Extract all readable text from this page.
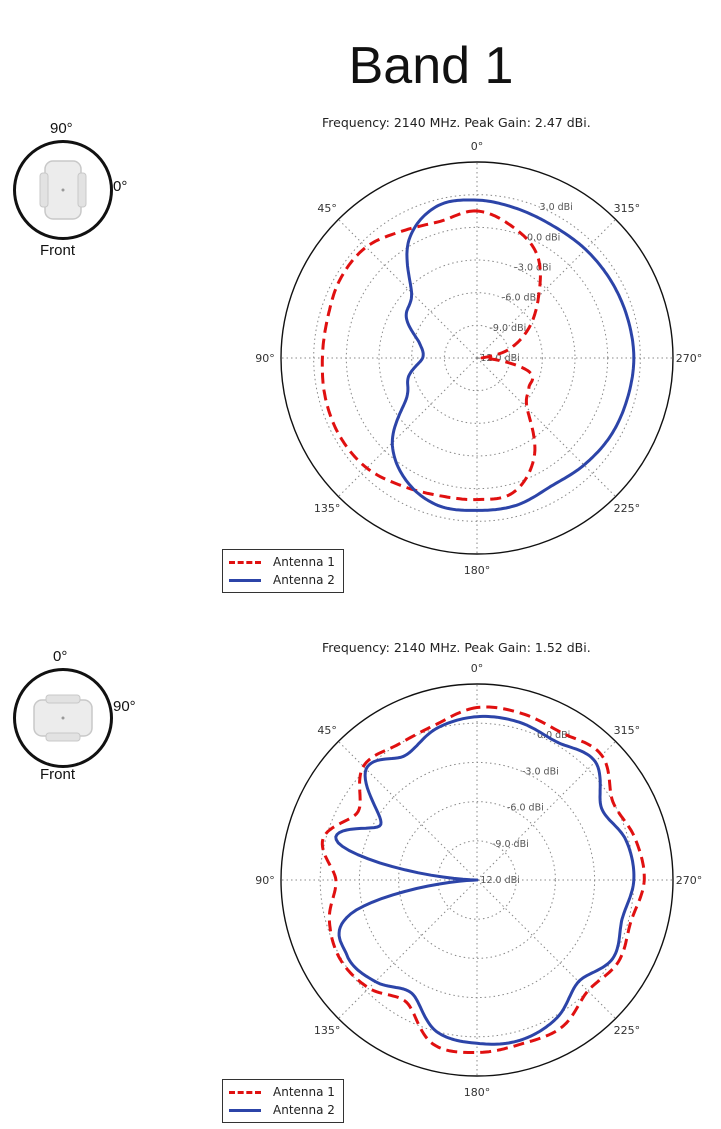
Band 1
90°
0°
Front
Frequency: 2140 MHz. Peak Gain: 2.47 dBi.
-12.0 dBi
-9.0 dBi
-6.0 dBi
-3.0 dBi
0.0 dBi
3.0 dBi
0°
45°
90°
135°
180°
225°
270°
315°
Antenna 1
Antenna 2
0°
90°
Front
Frequency: 2140 MHz. Peak Gain: 1.52 dBi.
-12.0 dBi
-9.0 dBi
-6.0 dBi
-3.0 dBi
0.0 dBi
0°
45°
90°
135°
180°
225°
270°
315°
Antenna 1
Antenna 2
